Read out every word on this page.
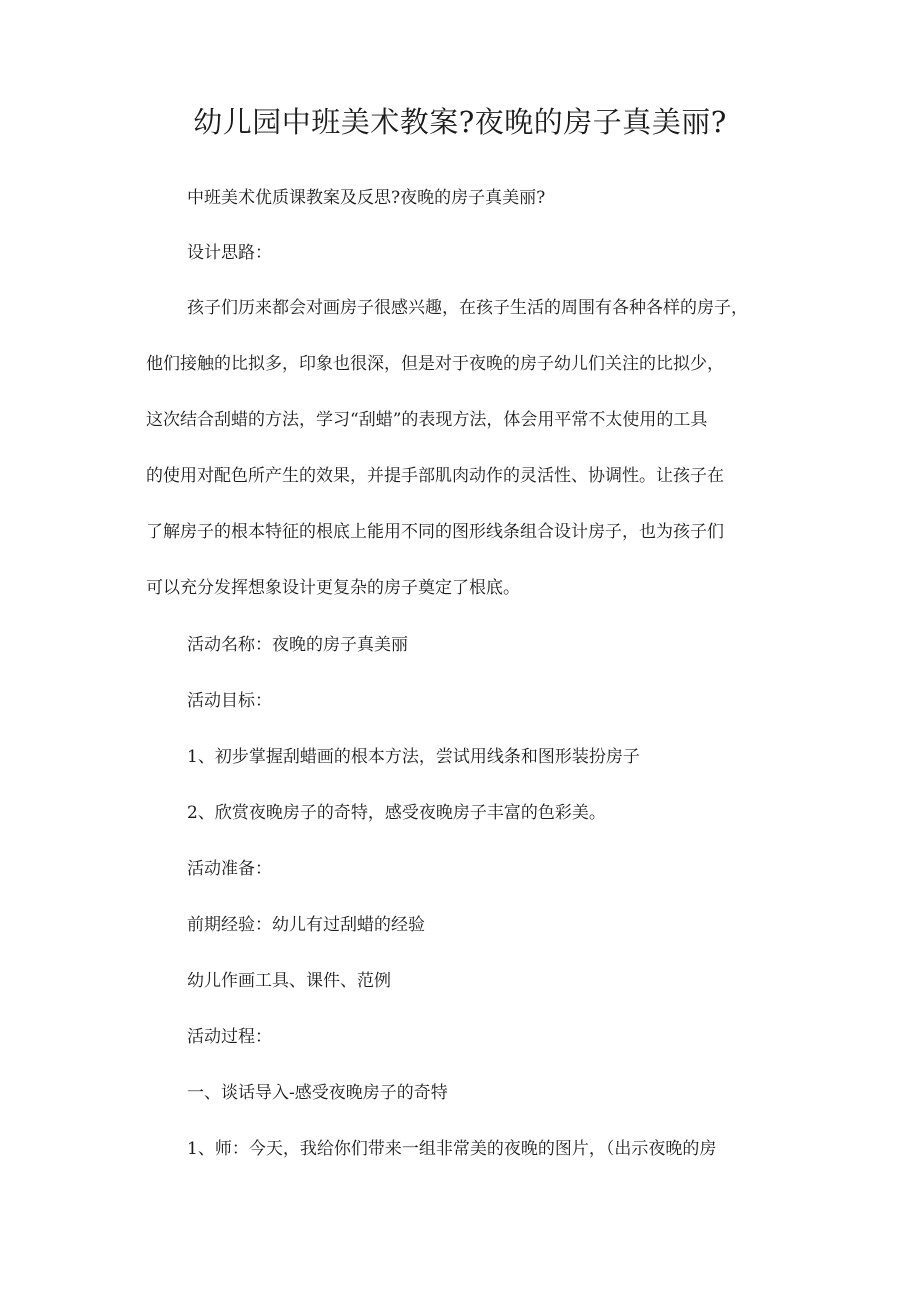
幼儿园中班美术教案?夜晚的房子真美丽?
中班美术优质课教案及反思?夜晚的房子真美丽?
设计思路：
孩子们历来都会对画房子很感兴趣，在孩子生活的周围有各种各样的房子，
他们接触的比拟多，印象也很深，但是对于夜晚的房子幼儿们关注的比拟少，
这次结合刮蜡的方法，学习“刮蜡”的表现方法，体会用平常不太使用的工具
的使用对配色所产生的效果，并提手部肌肉动作的灵活性、协调性。让孩子在
了解房子的根本特征的根底上能用不同的图形线条组合设计房子，也为孩子们
可以充分发挥想象设计更复杂的房子奠定了根底。
活动名称：夜晚的房子真美丽
活动目标：
1、初步掌握刮蜡画的根本方法，尝试用线条和图形装扮房子
2、欣赏夜晚房子的奇特，感受夜晚房子丰富的色彩美。
活动准备：
前期经验：幼儿有过刮蜡的经验
幼儿作画工具、课件、范例
活动过程：
一、谈话导入-感受夜晚房子的奇特
1、师：今天，我给你们带来一组非常美的夜晚的图片，（出示夜晚的房
